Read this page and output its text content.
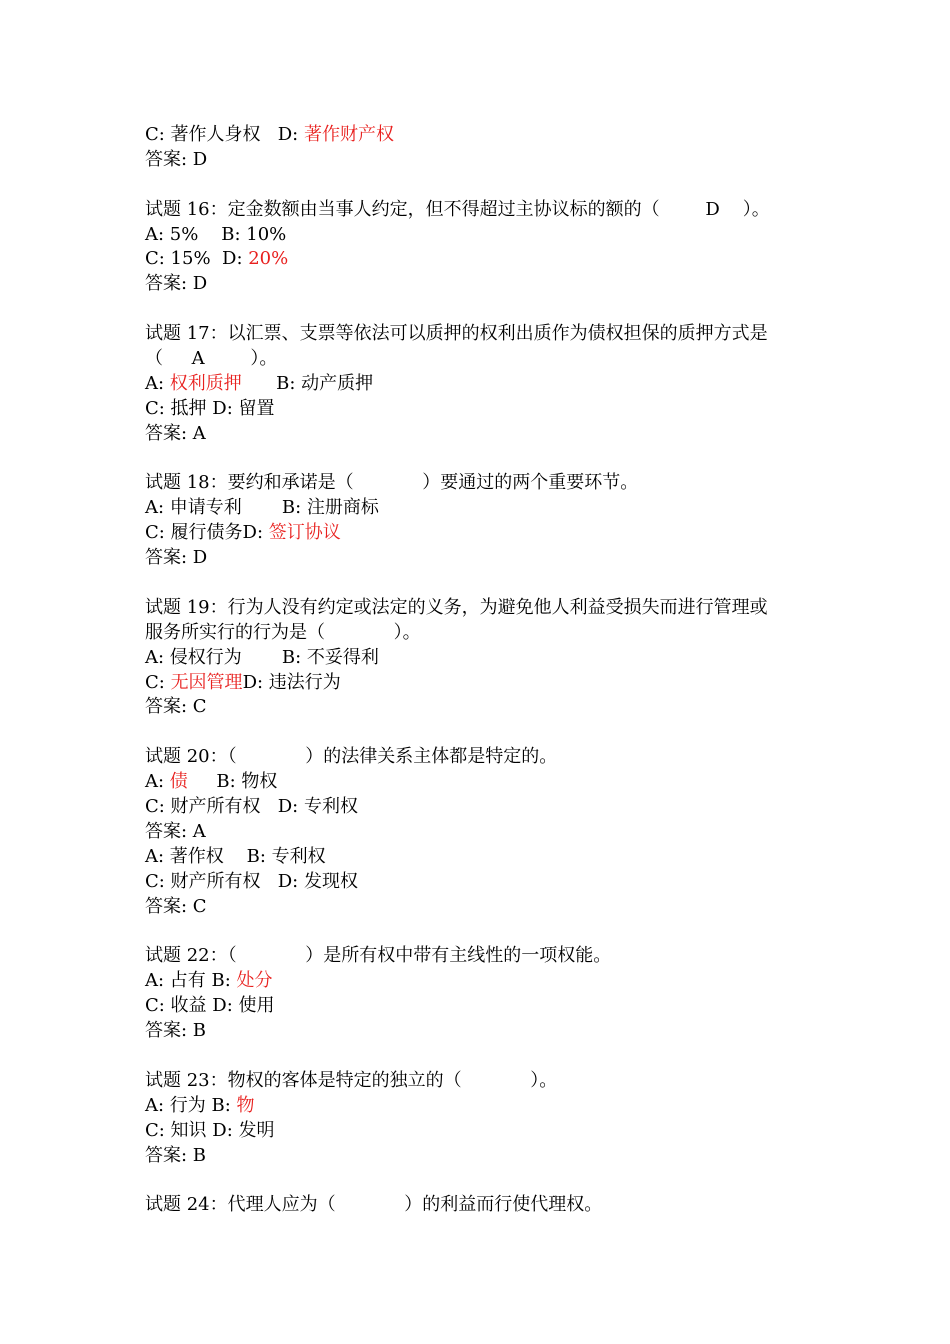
C: 著作人身权   D: 著作财产权
答案: D
试题 16：定金数额由当事人约定，但不得超过主协议标的额的（        D    ）。
A: 5%    B: 10%
C: 15%  D: 20%
答案: D
试题 17：以汇票、支票等依法可以质押的权利出质作为债权担保的质押方式是
（     A        ）。
A: 权利质押      B: 动产质押
C: 抵押 D: 留置
答案: A
试题 18：要约和承诺是（            ）要通过的两个重要环节。
A: 申请专利       B: 注册商标
C: 履行债务D: 签订协议
答案: D
试题 19：行为人没有约定或法定的义务，为避免他人利益受损失而进行管理或
服务所实行的行为是（            ）。
A: 侵权行为       B: 不妥得利
C: 无因管理D: 违法行为
答案: C
试题 20：（            ）的法律关系主体都是特定的。
A: 债     B: 物权
C: 财产所有权   D: 专利权
答案: A
A: 著作权    B: 专利权
C: 财产所有权   D: 发现权
答案: C
试题 22：（            ）是所有权中带有主线性的一项权能。
A: 占有 B: 处分
C: 收益 D: 使用
答案: B
试题 23：物权的客体是特定的独立的（            ）。
A: 行为 B: 物
C: 知识 D: 发明
答案: B
试题 24：代理人应为（            ）的利益而行使代理权。
